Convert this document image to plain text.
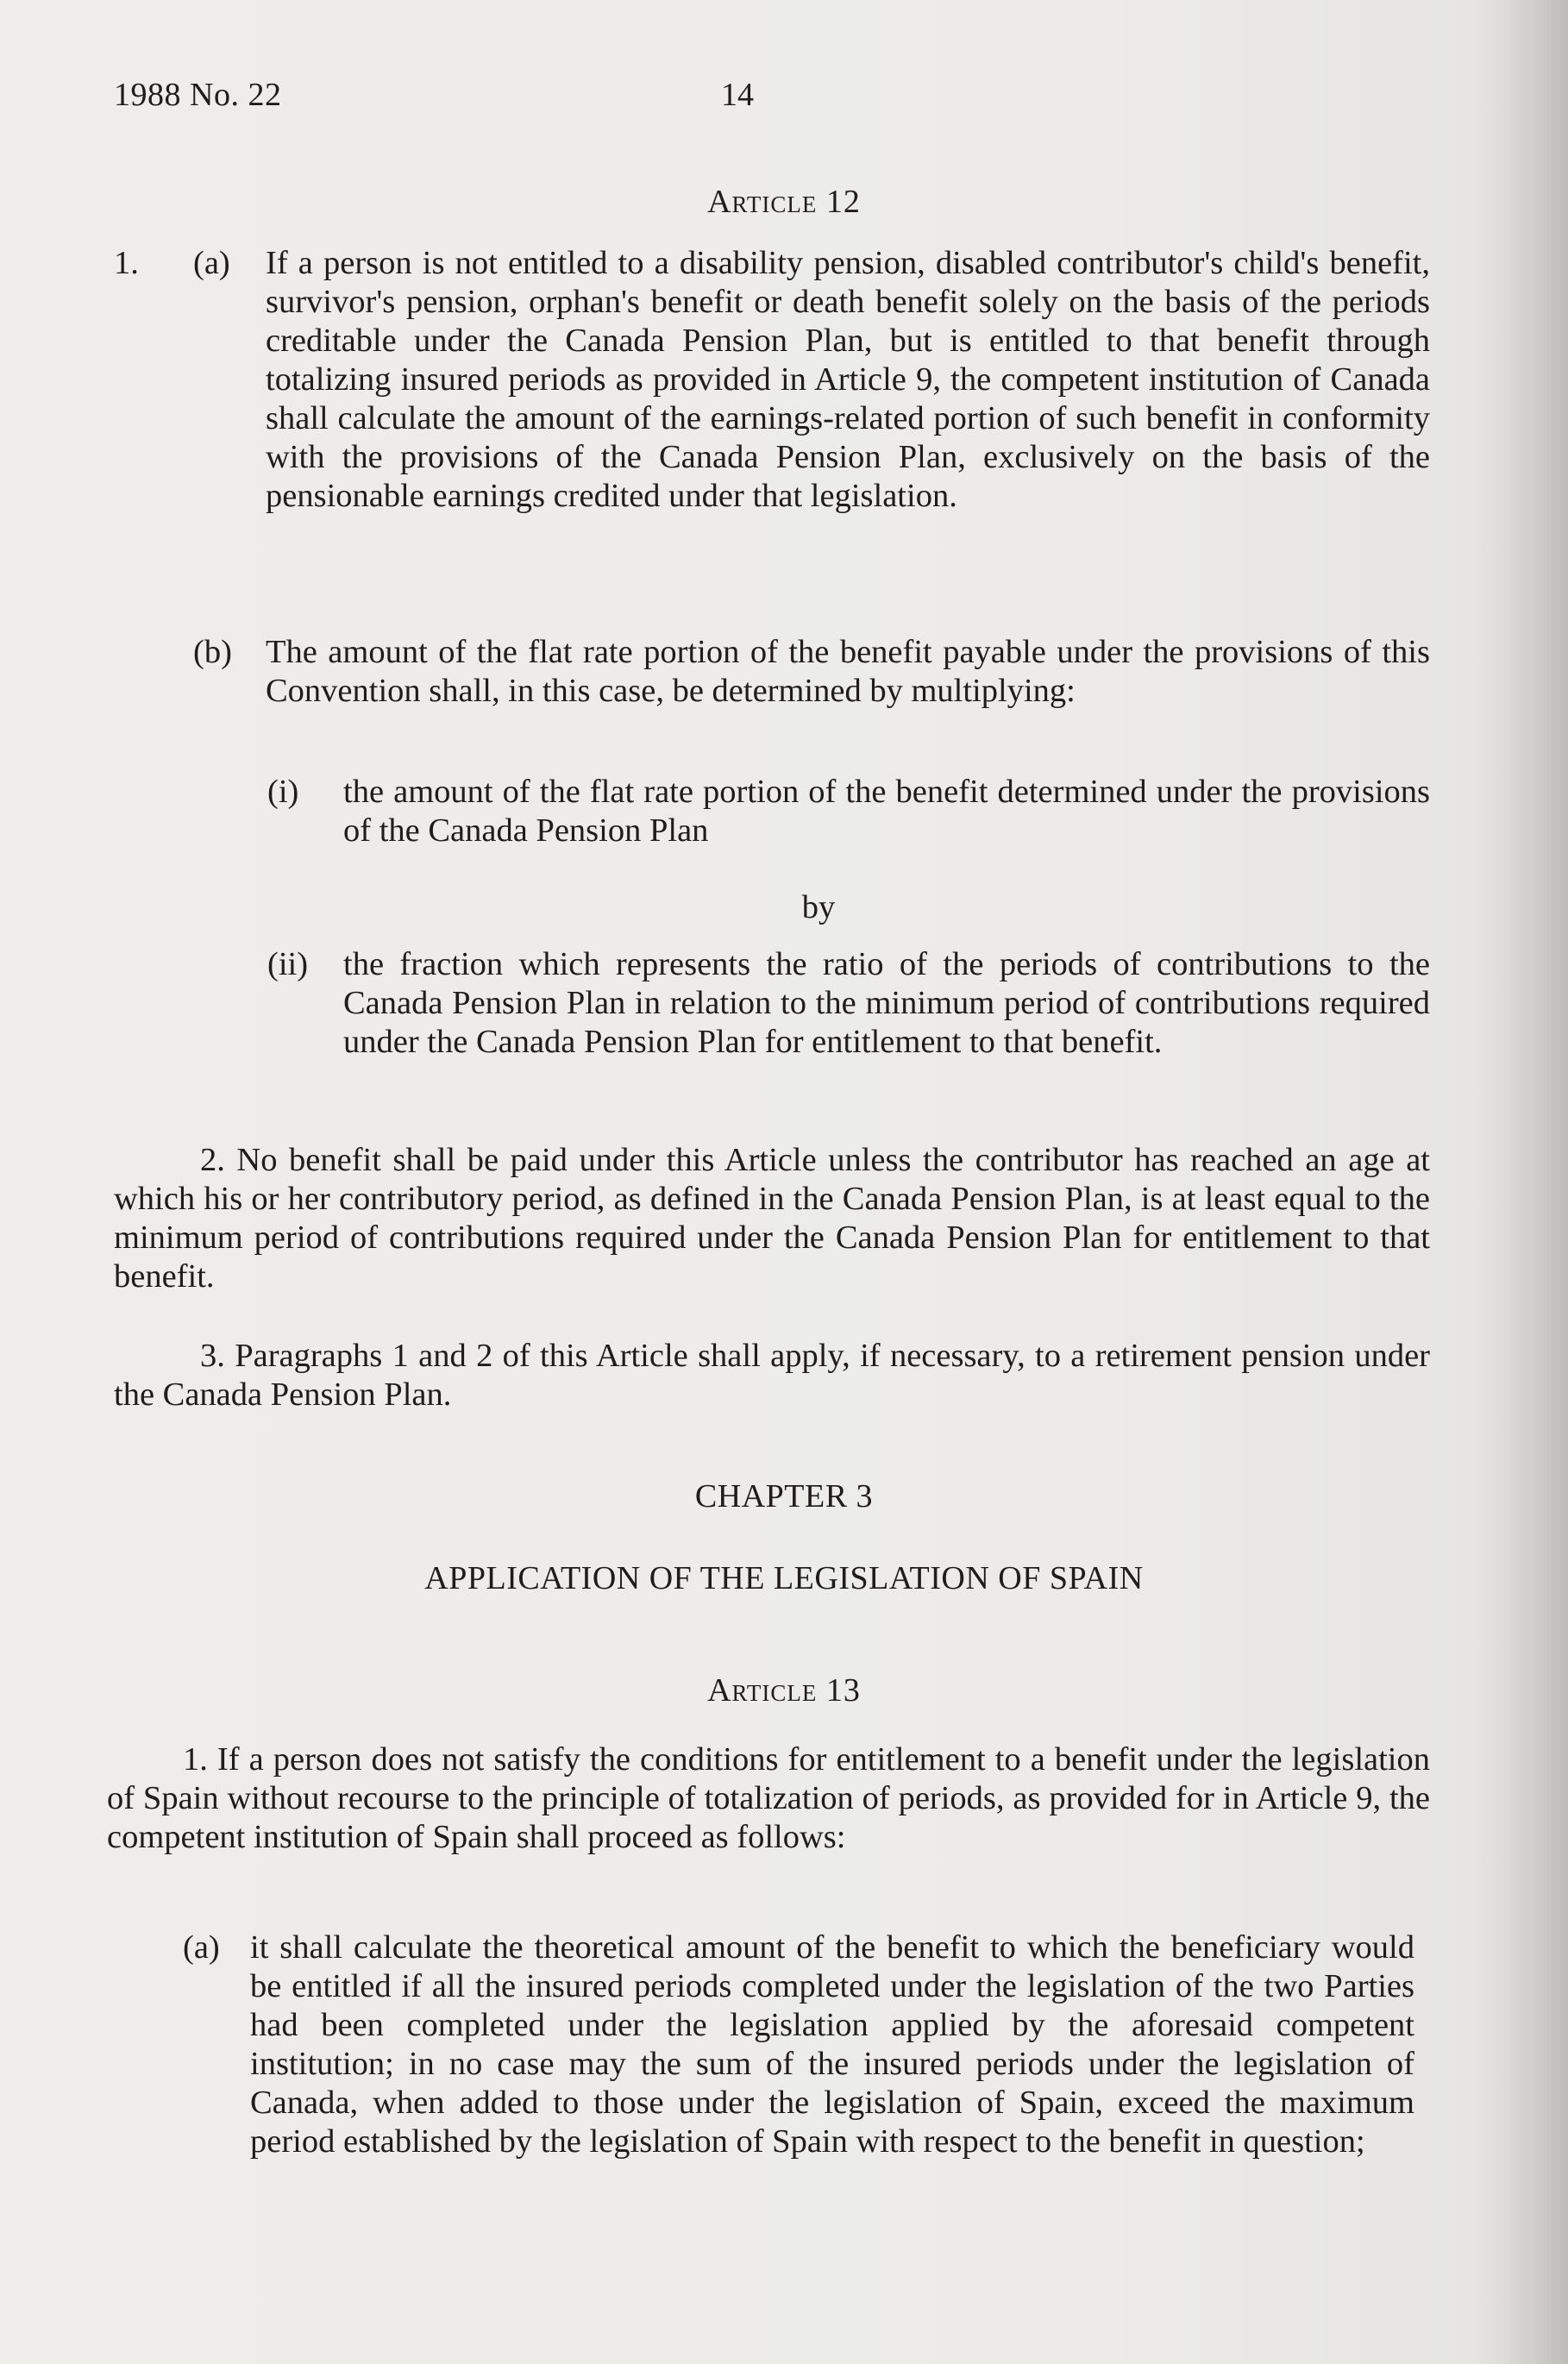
1988 No. 22	14
Article 12
1. (a) If a person is not entitled to a disability pension, disabled contributor's child's benefit, survivor's pension, orphan's benefit or death benefit solely on the basis of the periods creditable under the Canada Pension Plan, but is entitled to that benefit through totalizing insured periods as provided in Article 9, the competent institution of Canada shall calculate the amount of the earnings-related portion of such benefit in conformity with the provisions of the Canada Pension Plan, exclusively on the basis of the pensionable earnings credited under that legislation.
(b) The amount of the flat rate portion of the benefit payable under the provisions of this Convention shall, in this case, be determined by multiplying:
(i) the amount of the flat rate portion of the benefit determined under the provisions of the Canada Pension Plan
by
(ii) the fraction which represents the ratio of the periods of contributions to the Canada Pension Plan in relation to the minimum period of contributions required under the Canada Pension Plan for entitlement to that benefit.
2. No benefit shall be paid under this Article unless the contributor has reached an age at which his or her contributory period, as defined in the Canada Pension Plan, is at least equal to the minimum period of contributions required under the Canada Pension Plan for entitlement to that benefit.
3. Paragraphs 1 and 2 of this Article shall apply, if necessary, to a retirement pension under the Canada Pension Plan.
CHAPTER 3
APPLICATION OF THE LEGISLATION OF SPAIN
Article 13
1. If a person does not satisfy the conditions for entitlement to a benefit under the legislation of Spain without recourse to the principle of totalization of periods, as provided for in Article 9, the competent institution of Spain shall proceed as follows:
(a) it shall calculate the theoretical amount of the benefit to which the beneficiary would be entitled if all the insured periods completed under the legislation of the two Parties had been completed under the legislation applied by the aforesaid competent institution; in no case may the sum of the insured periods under the legislation of Canada, when added to those under the legislation of Spain, exceed the maximum period established by the legislation of Spain with respect to the benefit in question;
